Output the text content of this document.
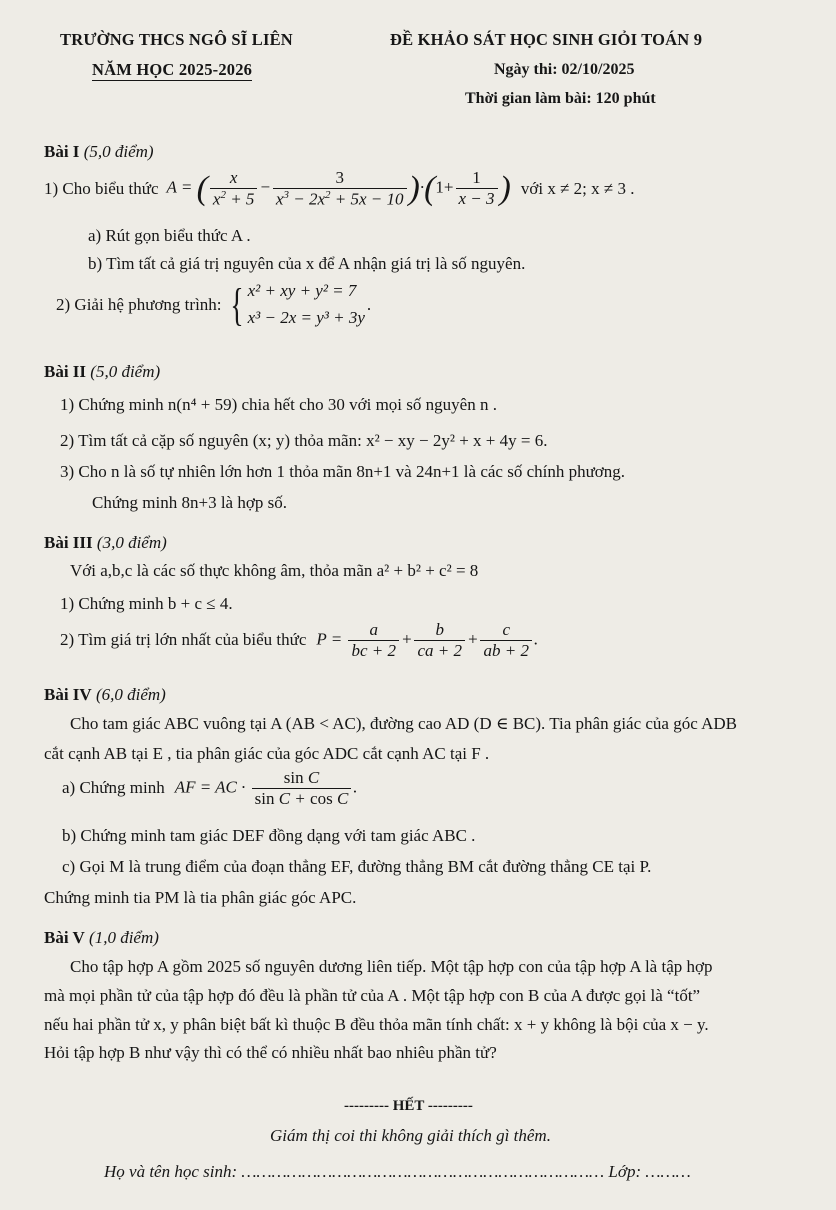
TRƯỜNG THCS NGÔ SĨ LIÊN
NĂM HỌC 2025-2026
ĐỀ KHẢO SÁT HỌC SINH GIỎI TOÁN 9
Ngày thi: 02/10/2025
Thời gian làm bài: 120 phút
Bài I (5,0 điểm)
1) Cho biểu thức A = ( $\frac{x}{x^2 + 5} - \frac{3}{x^3 - 2x^2 + 5x - 10} )\cdot(1+ \frac{1}{x - 3}$ ) với x ≠ 2; x ≠ 3 .
a) Rút gọn biểu thức A .
b) Tìm tất cả giá trị nguyên của x để A nhận giá trị là số nguyên.
2) Giải hệ phương trình: { x² + xy + y² = 7
x³ − 2x = y³ + 3y
.
Bài II (5,0 điểm)
1) Chứng minh n(n⁴ + 59) chia hết cho 30 với mọi số nguyên n .
2) Tìm tất cả cặp số nguyên (x; y) thỏa mãn: x² − xy − 2y² + x + 4y = 6.
3) Cho n là số tự nhiên lớn hơn 1 thỏa mãn 8n+1 và 24n+1 là các số chính phương.
Chứng minh 8n+3 là hợp số.
Bài III (3,0 điểm)
Với a,b,c là các số thực không âm, thỏa mãn a² + b² + c² = 8
1) Chứng minh b + c ≤ 4.
2) Tìm giá trị lớn nhất của biểu thức $P = \frac{a}{bc + 2} + \frac{b}{ca + 2} + \frac{c}{ab + 2}$ .
Bài IV (6,0 điểm)
Cho tam giác ABC vuông tại A (AB < AC), đường cao AD (D ∈ BC). Tia phân giác của góc ADB
cắt cạnh AB tại E , tia phân giác của góc ADC cắt cạnh AC tại F .
a) Chứng minh AF = AC · $\frac{\text{sin C}}{\text{sin C + cos C}}$ .
b) Chứng minh tam giác DEF đồng dạng với tam giác ABC .
c) Gọi M là trung điểm của đoạn thẳng EF, đường thẳng BM cắt đường thẳng CE tại P.
Chứng minh tia PM là tia phân giác góc APC.
Bài V (1,0 điểm)
Cho tập hợp A gồm 2025 số nguyên dương liên tiếp. Một tập hợp con của tập hợp A là tập hợp
mà mọi phần tử của tập hợp đó đều là phần tử của A . Một tập hợp con B của A được gọi là “tốt”
nếu hai phần tử x, y phân biệt bất kì thuộc B đều thỏa mãn tính chất: x + y không là bội của x − y.
Hỏi tập hợp B như vậy thì có thể có nhiều nhất bao nhiêu phần tử?
--------- HẾT ---------
Giám thị coi thi không giải thích gì thêm.
Họ và tên học sinh: ……………………………………………………………… Lớp: ………
